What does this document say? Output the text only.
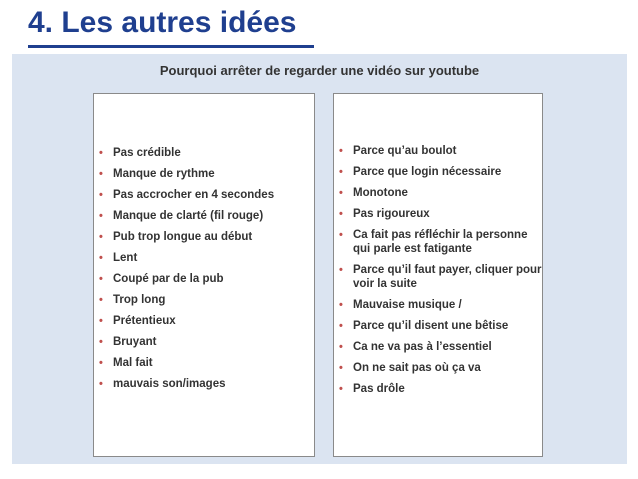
4. Les autres idées
Pourquoi arrêter de regarder une vidéo sur youtube
• Pas crédible
• Manque de rythme
• Pas accrocher en 4 secondes
• Manque de clarté (fil rouge)
• Pub trop longue au début
• Lent
• Coupé par de la pub
• Trop long
• Prétentieux
• Bruyant
• Mal fait
• mauvais son/images
• Parce qu’au boulot
• Parce que login nécessaire
• Monotone
• Pas rigoureux
• Ca fait pas réfléchir la personne qui parle est fatigante
• Parce qu’il faut payer, cliquer pour voir la suite
• Mauvaise musique /
• Parce qu’il disent une bêtise
• Ca ne va pas à l’essentiel
• On ne sait pas où ça va
• Pas drôle
